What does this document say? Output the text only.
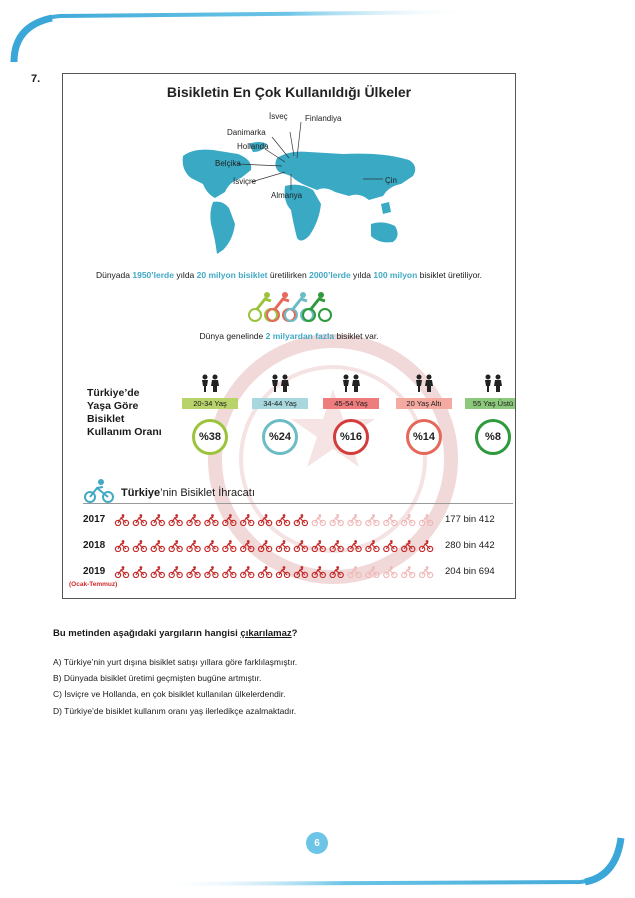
7.
Bisikletin En Çok Kullanıldığı Ülkeler
İsveç Finlandiya
Danimarka
Hollanda
Belçika
İsviçre
Almanya
Çin
Dünyada 1950’lerde yılda 20 milyon bisiklet üretilirken 2000’lerde yılda 100 milyon bisiklet üretiliyor.
Dünya genelinde 2 milyardan fazla bisiklet var.
Türkiye’de
Yaşa Göre
Bisiklet
Kullanım Oranı
20-34 Yaş
%38
34-44 Yaş
%24
45-54 Yaş
%16
20 Yaş Altı
%14
55 Yaş Üstü
%8
Türkiye’nin Bisiklet İhracatı
2017	177 bin 412
2018	280 bin 442
2019	204 bin 694
(Ocak-Temmuz)
Bu metinden aşağıdaki yargıların hangisi çıkarılamaz?
A) Türkiye’nin yurt dışına bisiklet satışı yıllara göre farklılaşmıştır.
B) Dünyada bisiklet üretimi geçmişten bugüne artmıştır.
C) İsviçre ve Hollanda, en çok bisiklet kullanılan ülkelerdendir.
D) Türkiye’de bisiklet kullanım oranı yaş ilerledikçe azalmaktadır.
6
